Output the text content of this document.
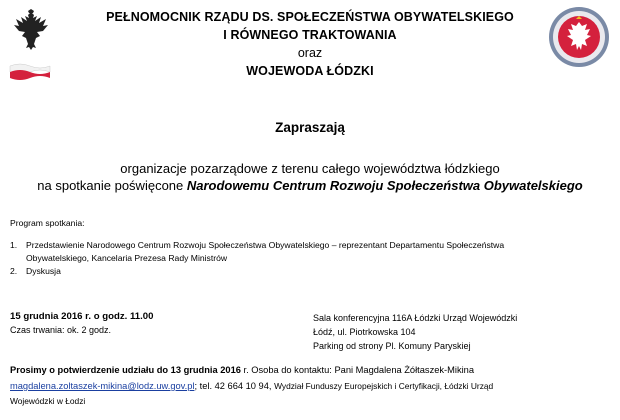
PEŁNOMOCNIK RZĄDU DS. SPOŁECZEŃSTWA OBYWATELSKIEGO
I RÓWNEGO TRAKTOWANIA
oraz
WOJEWODA ŁÓDZKI
Zapraszają
organizacje pozarządowe z terenu całego województwa łódzkiego
na spotkanie poświęcone Narodowemu Centrum Rozwoju Społeczeństwa Obywatelskiego
Program spotkania:
1. Przedstawienie Narodowego Centrum Rozwoju Społeczeństwa Obywatelskiego – reprezentant Departamentu Społeczeństwa
Obywatelskiego, Kancelaria Prezesa Rady Ministrów
2. Dyskusja
15 grudnia 2016 r. o godz. 11.00
Czas trwania: ok. 2 godz.
Sala konferencyjna 116A Łódzki Urząd Wojewódzki
Łódź, ul. Piotrkowska 104
Parking od strony Pl. Komuny Paryskiej
Prosimy o potwierdzenie udziału do 13 grudnia 2016 r. Osoba do kontaktu: Pani Magdalena Żółtaszek-Mikina
magdalena.zoltaszek-mikina@lodz.uw.gov.pl; tel. 42 664 10 94, Wydział Funduszy Europejskich i Certyfikacji, Łódzki Urząd
Wojewódzki w Łodzi
